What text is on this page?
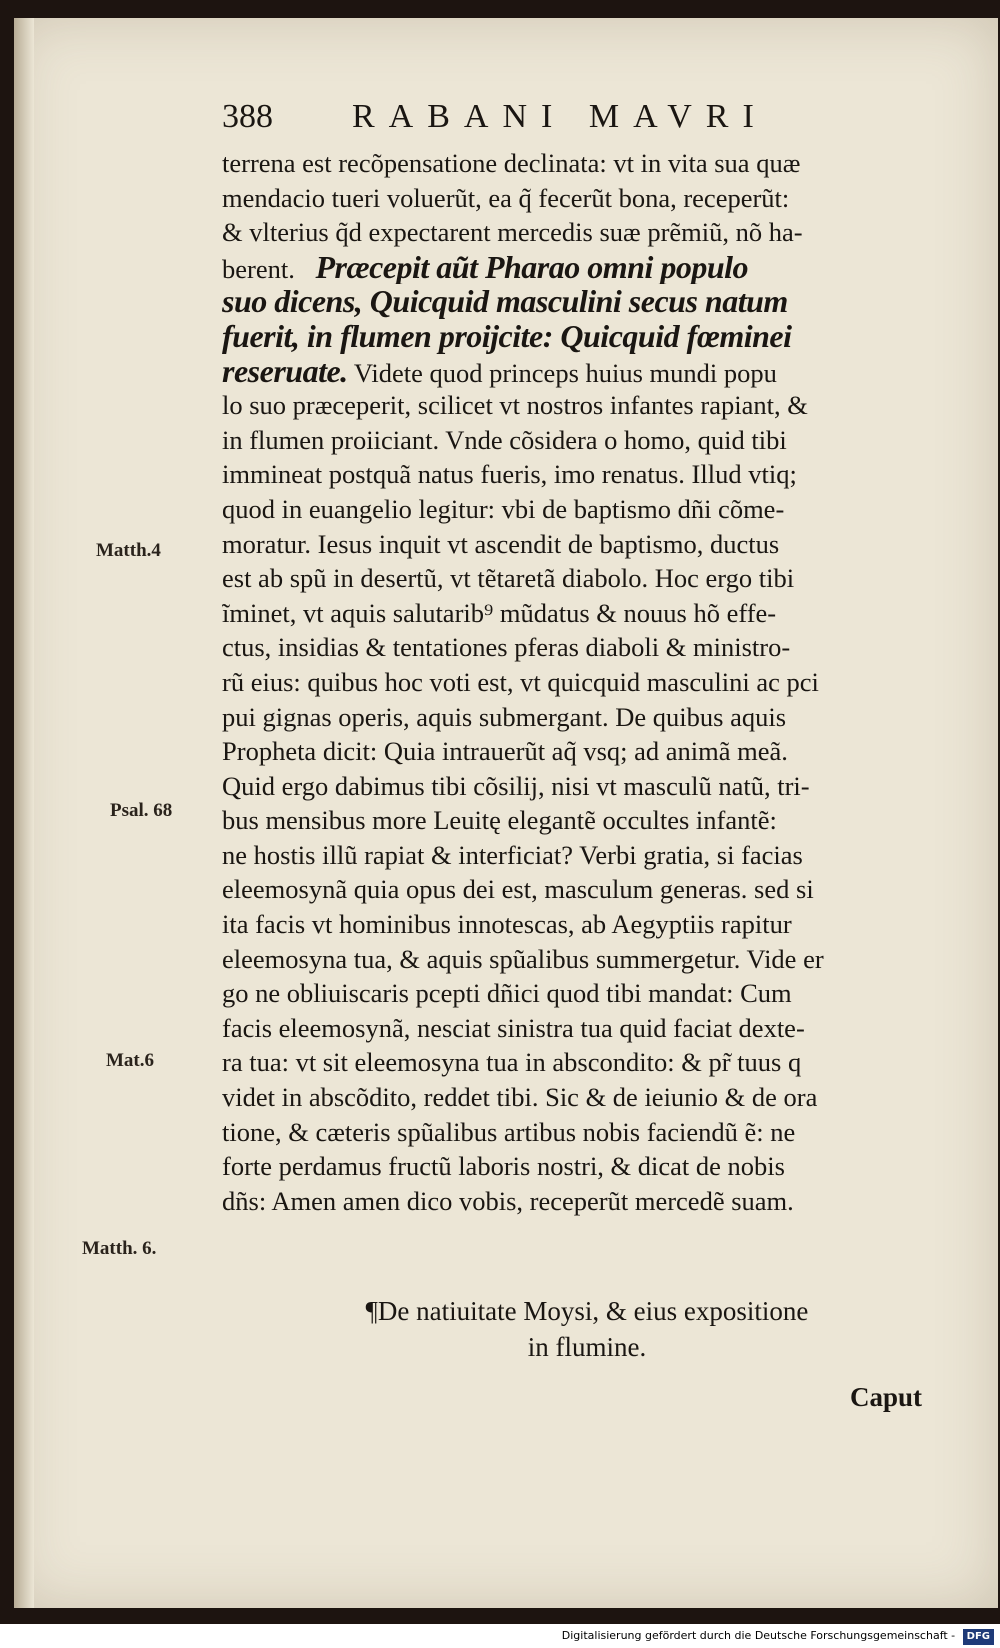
388 RABANI MAVRI
terrena est recõpensatione declinata: vt in vita sua quæ
mendacio tueri voluerũt, ea q̃ fecerũt bona, receperũt:
& vlterius q̃d expectarent mercedis suæ prẽmiũ, nõ ha-
berent. Præcepit aũt Pharao omni populo
suo dicens, Quicquid masculini secus natum
fuerit, in flumen proijcite: Quicquid fœminei
reseruate. Videte quod princeps huius mundi popu
lo suo præceperit, scilicet vt nostros infantes rapiant, &
in flumen proiiciant. Vnde cõsidera o homo, quid tibi
immineat postquã natus fueris, imo renatus. Illud vtiq;
quod in euangelio legitur: vbi de baptismo dñi cõme-
moratur. Iesus inquit vt ascendit de baptismo, ductus
est ab spũ in desertũ, vt tẽtaretã diabolo. Hoc ergo tibi
ĩminet, vt aquis salutarib⁹ mũdatus & nouus hõ effe-
ctus, insidias & tentationes pferas diaboli & ministro-
rũ eius: quibus hoc voti est, vt quicquid masculini ac pci
pui gignas operis, aquis submergant. De quibus aquis
Propheta dicit: Quia intrauerũt aq̃ vsq; ad animã meã.
Quid ergo dabimus tibi cõsilij, nisi vt masculũ natũ, tri-
bus mensibus more Leuitę elegantẽ occultes infantẽ:
ne hostis illũ rapiat & interficiat? Verbi gratia, si facias
eleemosynã quia opus dei est, masculum generas. sed si
ita facis vt hominibus innotescas, ab Aegyptiis rapitur
eleemosyna tua, & aquis spũalibus summergetur. Vide er
go ne obliuiscaris pcepti dñici quod tibi mandat: Cum
facis eleemosynã, nesciat sinistra tua quid faciat dexte-
ra tua: vt sit eleemosyna tua in abscondito: & pr̃ tuus q
videt in abscõdito, reddet tibi. Sic & de ieiunio & de ora
tione, & cæteris spũalibus artibus nobis faciendũ ẽ: ne
forte perdamus fructũ laboris nostri, & dicat de nobis
dñs: Amen amen dico vobis, receperũt mercedẽ suam.
Matth.4
Psal. 68
Mat.6
Matth. 6.
¶De natiuitate Moysi, & eius expositione
in flumine.
Caput
Digitalisierung gefördert durch die Deutsche Forschungsgemeinschaft - DFG
